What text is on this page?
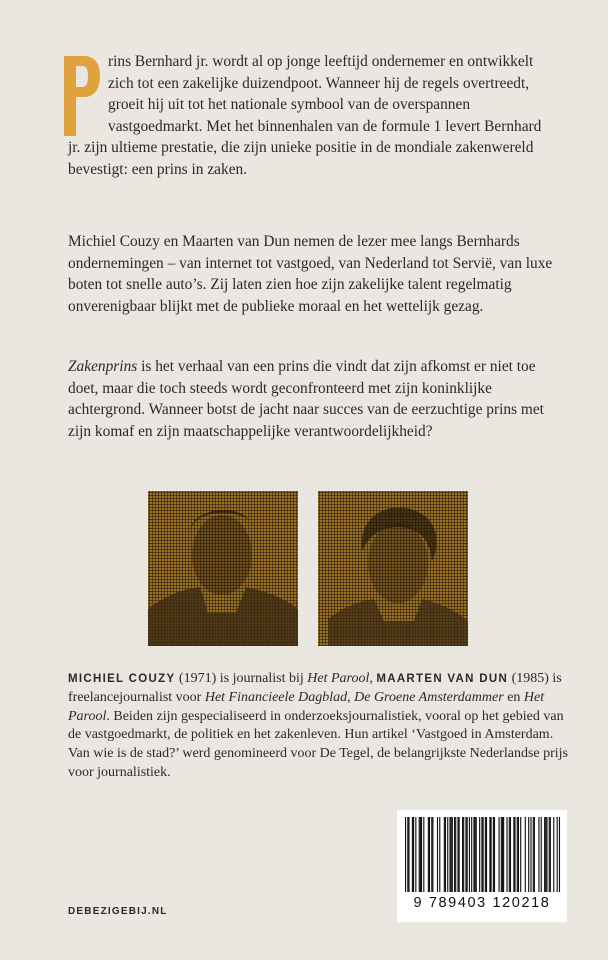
rins Bernhard jr. wordt al op jonge leeftijd ondernemer en ontwikkelt zich tot een zakelijke duizendpoot. Wanneer hij de regels overtreedt, groeit hij uit tot het nationale symbool van de overspannen vastgoedmarkt. Met het binnenhalen van de formule 1 levert Bernhard jr. zijn ultieme prestatie, die zijn unieke positie in de mondiale zakenwereld bevestigt: een prins in zaken.

Michiel Couzy en Maarten van Dun nemen de lezer mee langs Bernhards ondernemingen – van internet tot vastgoed, van Nederland tot Servië, van luxe boten tot snelle auto’s. Zij laten zien hoe zijn zakelijke talent regelmatig onverenigbaar blijkt met de publieke moraal en het wettelijk gezag.

Zakenprins is het verhaal van een prins die vindt dat zijn afkomst er niet toe doet, maar die toch steeds wordt geconfronteerd met zijn koninklijke achtergrond. Wanneer botst de jacht naar succes van de eerzuchtige prins met zijn komaf en zijn maatschappelijke verantwoordelijkheid?

MICHIEL COUZY (1971) is journalist bij Het Parool, MAARTEN VAN DUN (1985) is freelancejournalist voor Het Financieele Dagblad, De Groene Amsterdammer en Het Parool. Beiden zijn gespecialiseerd in onderzoeksjournalistiek, vooral op het gebied van de vastgoedmarkt, de politiek en het zakenleven. Hun artikel ‘Vastgoed in Amsterdam. Van wie is de stad?’ werd genomineerd voor De Tegel, de belangrijkste Nederlandse prijs voor journalistiek.

DEBEZIGEBIJ.NL
9 789403 120218
